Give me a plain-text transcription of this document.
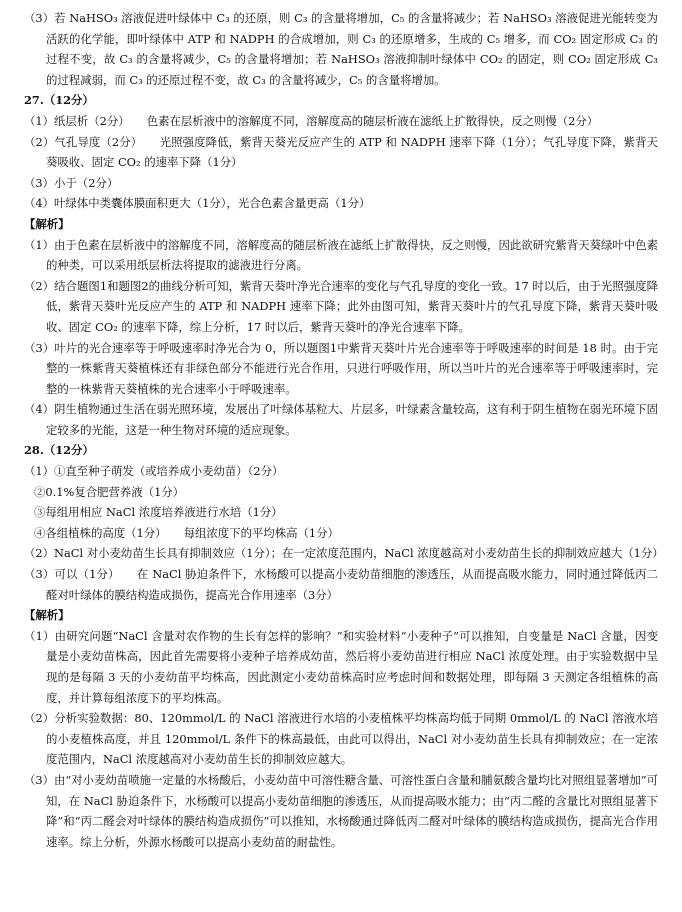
（3）若 NaHSO₃ 溶液促进叶绿体中 C₃ 的还原，则 C₃ 的含量将增加，C₅ 的含量将减少；若 NaHSO₃ 溶液促进光能转变为活跃的化学能，即叶绿体中 ATP 和 NADPH 的合成增加，则 C₃ 的还原增多，生成的 C₅ 增多，而 CO₂ 固定形成 C₃ 的过程不变，故 C₃ 的含量将减少，C₅ 的含量将增加；若 NaHSO₃ 溶液抑制叶绿体中 CO₂ 的固定，则 CO₂ 固定形成 C₃ 的过程减弱，而 C₃ 的还原过程不变，故 C₃ 的含量将减少，C₅ 的含量将增加。

27.（12分）

（1）纸层析（2分）　　色素在层析液中的溶解度不同，溶解度高的随层析液在滤纸上扩散得快，反之则慢（2分）

（2）气孔导度（2分）　　光照强度降低，紫背天葵光反应产生的 ATP 和 NADPH 速率下降（1分）；气孔导度下降，紫背天葵吸收、固定 CO₂ 的速率下降（1分）

（3）小于（2分）

（4）叶绿体中类囊体膜面积更大（1分），光合色素含量更高（1分）

【解析】

（1）由于色素在层析液中的溶解度不同，溶解度高的随层析液在滤纸上扩散得快，反之则慢，因此欲研究紫背天葵绿叶中色素的种类，可以采用纸层析法将提取的滤液进行分离。

（2）结合题图1和题图2的曲线分析可知，紫背天葵叶净光合速率的变化与气孔导度的变化一致。17 时以后，由于光照强度降低，紫背天葵叶光反应产生的 ATP 和 NADPH 速率下降；此外由图可知，紫背天葵叶片的气孔导度下降，紫背天葵叶吸收、固定 CO₂ 的速率下降，综上分析，17 时以后，紫背天葵叶的净光合速率下降。

（3）叶片的光合速率等于呼吸速率时净光合为 0，所以题图1中紫背天葵叶片光合速率等于呼吸速率的时间是 18 时。由于完整的一株紫背天葵植株还有非绿色部分不能进行光合作用，只进行呼吸作用，所以当叶片的光合速率等于呼吸速率时，完整的一株紫背天葵植株的光合速率小于呼吸速率。

（4）阴生植物通过生活在弱光照环境，发展出了叶绿体基粒大、片层多，叶绿素含量较高，这有利于阴生植物在弱光环境下固定较多的光能，这是一种生物对环境的适应现象。

28.（12分）

（1）①直至种子萌发（或培养成小麦幼苗）（2分）

②0.1%复合肥营养液（1分）

③每组用相应 NaCl 浓度培养液进行水培（1分）

④各组植株的高度（1分）　　每组浓度下的平均株高（1分）

（2）NaCl 对小麦幼苗生长具有抑制效应（1分）；在一定浓度范围内，NaCl 浓度越高对小麦幼苗生长的抑制效应越大（1分）

（3）可以（1分）　　在 NaCl 胁迫条件下，水杨酸可以提高小麦幼苗细胞的渗透压，从而提高吸水能力，同时通过降低丙二醛对叶绿体的膜结构造成损伤，提高光合作用速率（3分）

【解析】

（1）由研究问题“NaCl 含量对农作物的生长有怎样的影响？”和实验材料“小麦种子”可以推知，自变量是 NaCl 含量，因变量是小麦幼苗株高，因此首先需要将小麦种子培养成幼苗，然后将小麦幼苗进行相应 NaCl 浓度处理。由于实验数据中呈现的是每隔 3 天的小麦幼苗平均株高，因此测定小麦幼苗株高时应考虑时间和数据处理，即每隔 3 天测定各组植株的高度，并计算每组浓度下的平均株高。

（2）分析实验数据：80、120mmol/L 的 NaCl 溶液进行水培的小麦植株平均株高均低于同期 0mmol/L 的 NaCl 溶液水培的小麦植株高度，并且 120mmol/L 条件下的株高最低，由此可以得出，NaCl 对小麦幼苗生长具有抑制效应；在一定浓度范围内，NaCl 浓度越高对小麦幼苗生长的抑制效应越大。

（3）由“对小麦幼苗喷施一定量的水杨酸后，小麦幼苗中可溶性糖含量、可溶性蛋白含量和脯氨酸含量均比对照组显著增加”可知，在 NaCl 胁迫条件下，水杨酸可以提高小麦幼苗细胞的渗透压，从而提高吸水能力；由“丙二醛的含量比对照组显著下降”和“丙二醛会对叶绿体的膜结构造成损伤”可以推知，水杨酸通过降低丙二醛对叶绿体的膜结构造成损伤，提高光合作用速率。综上分析，外源水杨酸可以提高小麦幼苗的耐盐性。
